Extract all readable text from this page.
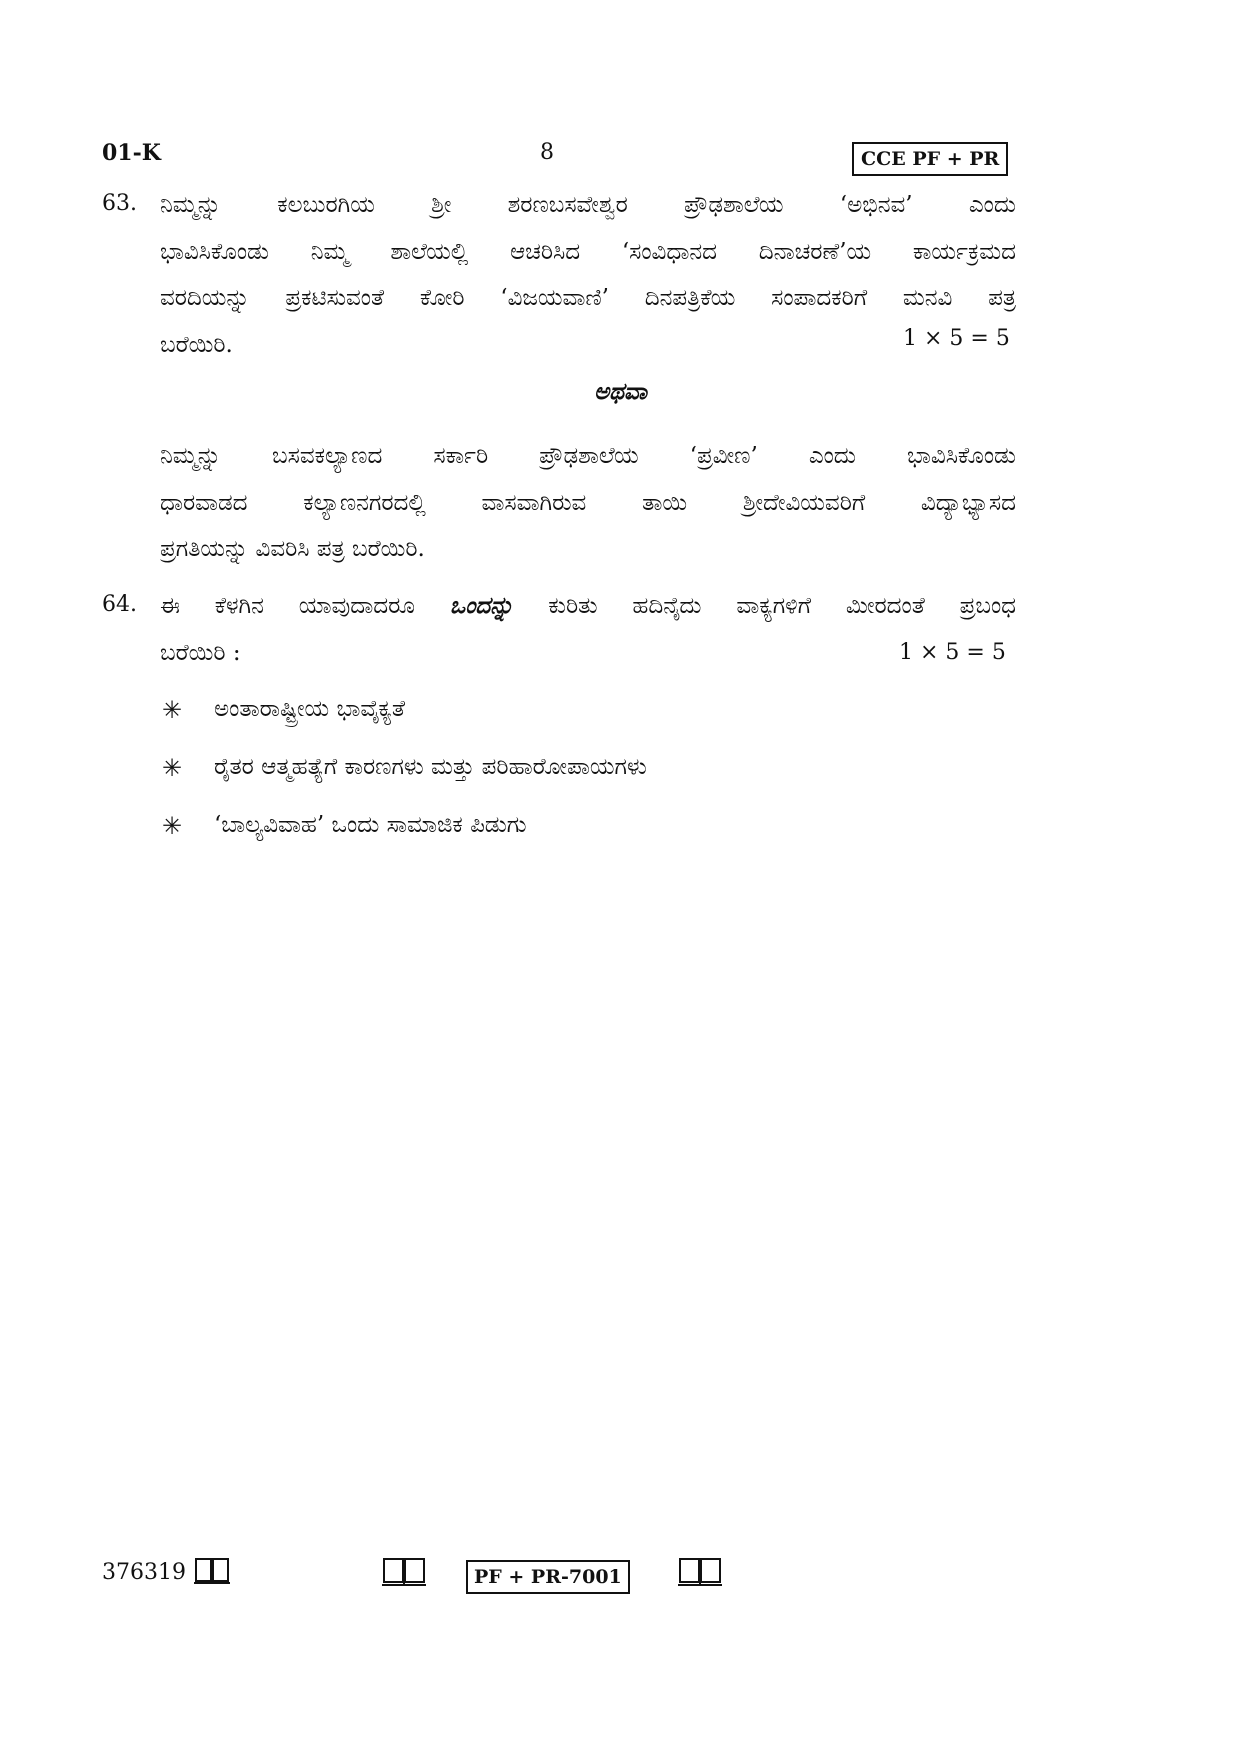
01-K	8	CCE PF + PR
63. ನಿಮ್ಮನ್ನು ಕಲಬುರಗಿಯ ಶ್ರೀ ಶರಣಬಸವೇಶ್ವರ ಪ್ರೌಢಶಾಲೆಯ ‘ಅಭಿನವ’ ಎಂದು
ಭಾವಿಸಿಕೊಂಡು ನಿಮ್ಮ ಶಾಲೆಯಲ್ಲಿ ಆಚರಿಸಿದ ‘ಸಂವಿಧಾನದ ದಿನಾಚರಣೆ’ಯ ಕಾರ್ಯಕ್ರಮದ
ವರದಿಯನ್ನು ಪ್ರಕಟಿಸುವಂತೆ ಕೋರಿ ‘ವಿಜಯವಾಣಿ’ ದಿನಪತ್ರಿಕೆಯ ಸಂಪಾದಕರಿಗೆ ಮನವಿ ಪತ್ರ
ಬರೆಯಿರಿ.	1 × 5 = 5
ಅಥವಾ
ನಿಮ್ಮನ್ನು ಬಸವಕಲ್ಯಾಣದ ಸರ್ಕಾರಿ ಪ್ರೌಢಶಾಲೆಯ ‘ಪ್ರವೀಣ’ ಎಂದು ಭಾವಿಸಿಕೊಂಡು
ಧಾರವಾಡದ ಕಲ್ಯಾಣನಗರದಲ್ಲಿ ವಾಸವಾಗಿರುವ ತಾಯಿ ಶ್ರೀದೇವಿಯವರಿಗೆ ವಿದ್ಯಾಭ್ಯಾಸದ
ಪ್ರಗತಿಯನ್ನು ವಿವರಿಸಿ ಪತ್ರ ಬರೆಯಿರಿ.
64. ಈ ಕೆಳಗಿನ ಯಾವುದಾದರೂ ಒಂದನ್ನು ಕುರಿತು ಹದಿನೈದು ವಾಕ್ಯಗಳಿಗೆ ಮೀರದಂತೆ ಪ್ರಬಂಧ
ಬರೆಯಿರಿ :	1 × 5 = 5
✳ ಅಂತಾರಾಷ್ಟ್ರೀಯ ಭಾವೈಕ್ಯತೆ
✳ ರೈತರ ಆತ್ಮಹತ್ಯೆಗೆ ಕಾರಣಗಳು ಮತ್ತು ಪರಿಹಾರೋಪಾಯಗಳು
✳ ‘ಬಾಲ್ಯವಿವಾಹ’ ಒಂದು ಸಾಮಾಜಿಕ ಪಿಡುಗು
376319	PF + PR-7001
